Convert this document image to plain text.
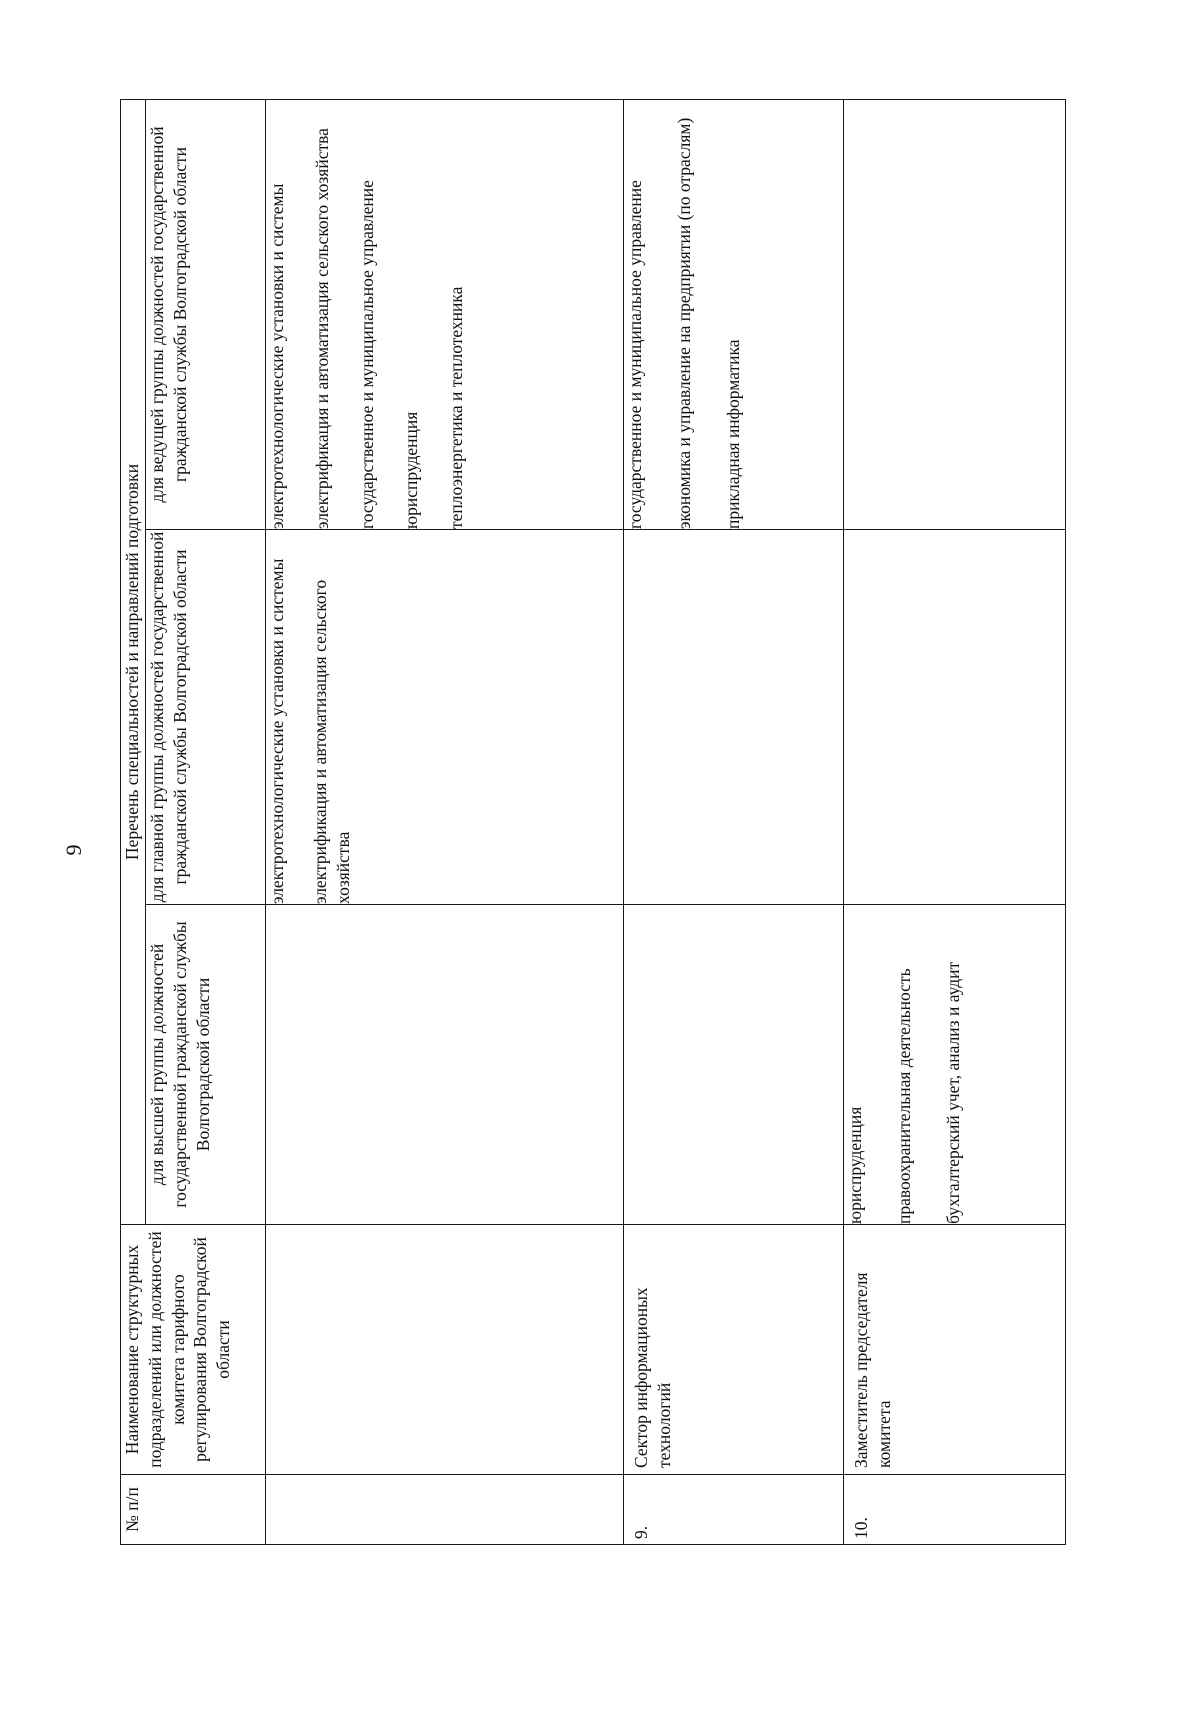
9
№ п/п	Наименование структурных подразделений или должностей комитета тарифного регулирования Волгоградской области	Перечень специальностей и направлений подготовки		
		для высшей группы должностей государственной гражданской службы Волгоградской области	для главной группы должностей государственной гражданской службы Волгоградской области	для ведущей группы должностей государственной гражданской службы Волгоградской области

			электротехнологические установки и системы электрификация и автоматизация сельского хозяйства	электротехнологические установки и системы электрификация и автоматизация сельского хозяйства государственное и муниципальное управление юриспруденция теплоэнергетика и теплотехника

9.	Сектор информационых технологий			государственное и муниципальное управление экономика и управление на предприятии (по отраслям) прикладная информатика

10.	Заместитель председателя комитета	юриспруденция правоохранительная деятельность бухгалтерский учет, анализ и аудит		
